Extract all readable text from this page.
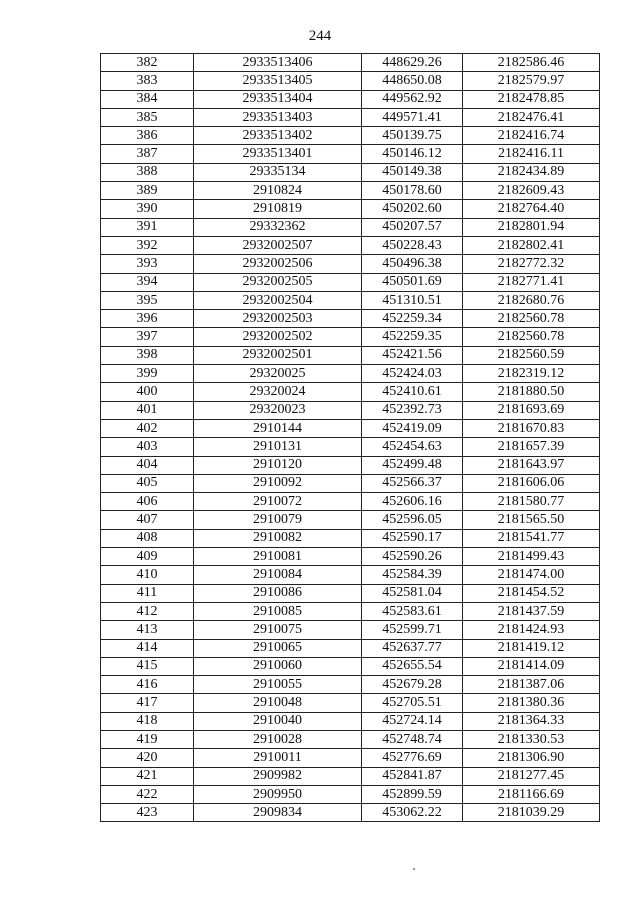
244
382	2933513406	448629.26	2182586.46
383	2933513405	448650.08	2182579.97
384	2933513404	449562.92	2182478.85
385	2933513403	449571.41	2182476.41
386	2933513402	450139.75	2182416.74
387	2933513401	450146.12	2182416.11
388	29335134	450149.38	2182434.89
389	2910824	450178.60	2182609.43
390	2910819	450202.60	2182764.40
391	29332362	450207.57	2182801.94
392	2932002507	450228.43	2182802.41
393	2932002506	450496.38	2182772.32
394	2932002505	450501.69	2182771.41
395	2932002504	451310.51	2182680.76
396	2932002503	452259.34	2182560.78
397	2932002502	452259.35	2182560.78
398	2932002501	452421.56	2182560.59
399	29320025	452424.03	2182319.12
400	29320024	452410.61	2181880.50
401	29320023	452392.73	2181693.69
402	2910144	452419.09	2181670.83
403	2910131	452454.63	2181657.39
404	2910120	452499.48	2181643.97
405	2910092	452566.37	2181606.06
406	2910072	452606.16	2181580.77
407	2910079	452596.05	2181565.50
408	2910082	452590.17	2181541.77
409	2910081	452590.26	2181499.43
410	2910084	452584.39	2181474.00
411	2910086	452581.04	2181454.52
412	2910085	452583.61	2181437.59
413	2910075	452599.71	2181424.93
414	2910065	452637.77	2181419.12
415	2910060	452655.54	2181414.09
416	2910055	452679.28	2181387.06
417	2910048	452705.51	2181380.36
418	2910040	452724.14	2181364.33
419	2910028	452748.74	2181330.53
420	2910011	452776.69	2181306.90
421	2909982	452841.87	2181277.45
422	2909950	452899.59	2181166.69
423	2909834	453062.22	2181039.29
